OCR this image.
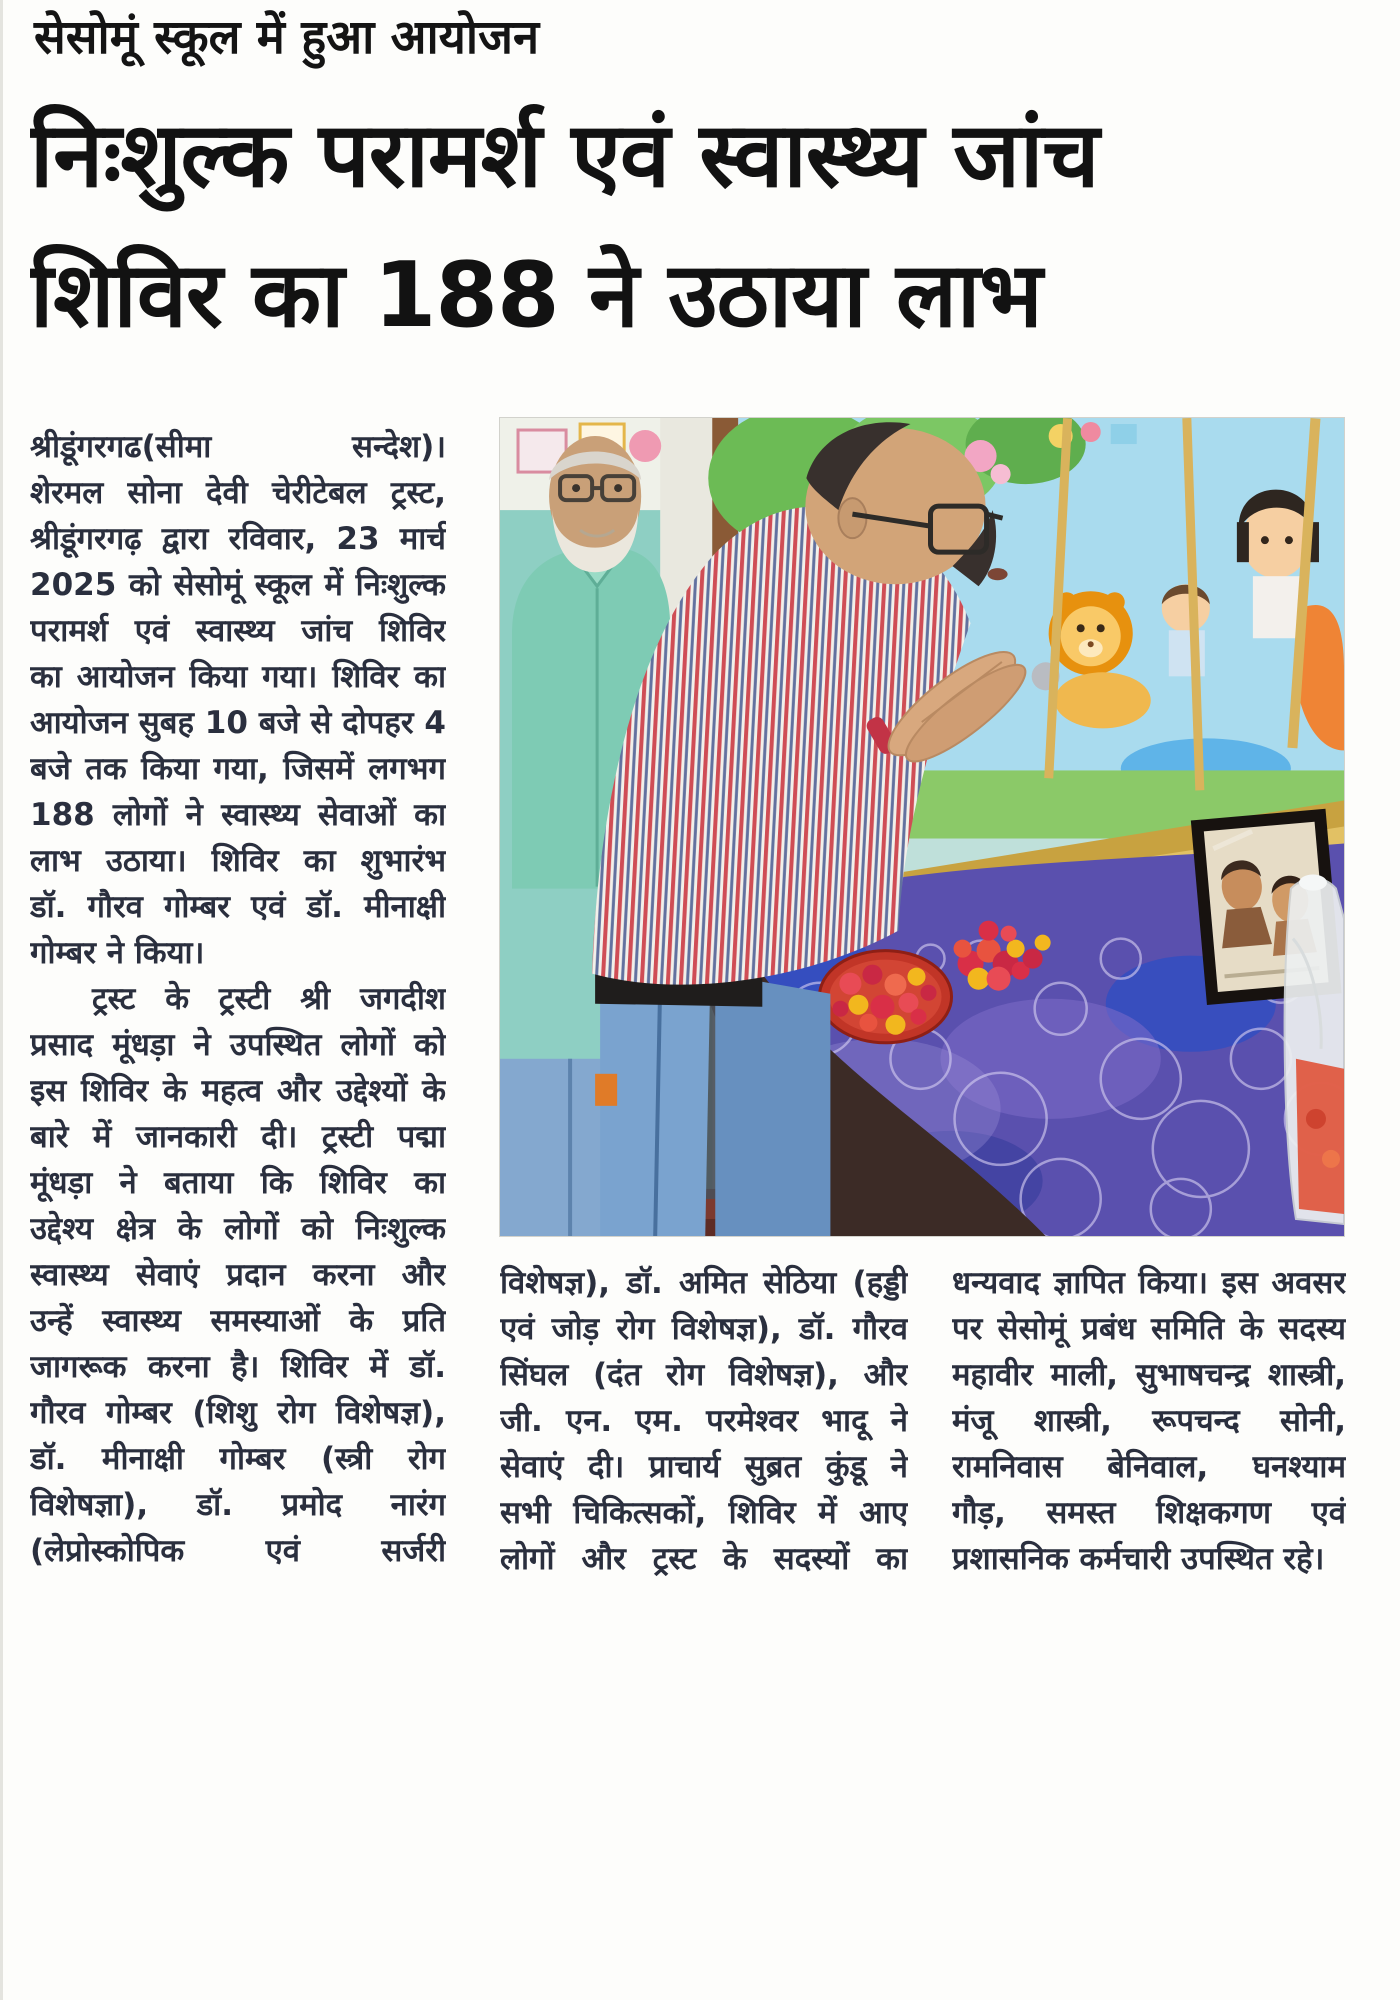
सेसोमूं स्कूल में हुआ आयोजन
निःशुल्क परामर्श एवं स्वास्थ्य जांच
शिविर का 188 ने उठाया लाभ
श्रीडूंगरगढ(सीमा सन्देश)।
शेरमल सोना देवी चेरीटेबल ट्रस्ट,
श्रीडूंगरगढ़ द्वारा रविवार, 23 मार्च
2025 को सेसोमूं स्कूल में निःशुल्क
परामर्श एवं स्वास्थ्य जांच शिविर
का आयोजन किया गया। शिविर का
आयोजन सुबह 10 बजे से दोपहर 4
बजे तक किया गया, जिसमें लगभग
188 लोगों ने स्वास्थ्य सेवाओं का
लाभ उठाया। शिविर का शुभारंभ
डॉ. गौरव गोम्बर एवं डॉ. मीनाक्षी
गोम्बर ने किया।
  ट्रस्ट के ट्रस्टी श्री जगदीश
प्रसाद मूंधड़ा ने उपस्थित लोगों को
इस शिविर के महत्व और उद्देश्यों के
बारे में जानकारी दी। ट्रस्टी पद्मा
मूंधड़ा ने बताया कि शिविर का
उद्देश्य क्षेत्र के लोगों को निःशुल्क
स्वास्थ्य सेवाएं प्रदान करना और
उन्हें स्वास्थ्य समस्याओं के प्रति
जागरूक करना है। शिविर में डॉ.
गौरव गोम्बर (शिशु रोग विशेषज्ञ),
डॉ. मीनाक्षी गोम्बर (स्त्री रोग
विशेषज्ञा), डॉ. प्रमोद नारंग
(लेप्रोस्कोपिक एवं सर्जरी
विशेषज्ञ), डॉ. अमित सेठिया (हड्डी
एवं जोड़ रोग विशेषज्ञ), डॉ. गौरव
सिंघल (दंत रोग विशेषज्ञ), और
जी. एन. एम. परमेश्वर भादू ने
सेवाएं दी। प्राचार्य सुब्रत कुंडू ने
सभी चिकित्सकों, शिविर में आए
लोगों और ट्रस्ट के सदस्यों का
धन्यवाद ज्ञापित किया। इस अवसर
पर सेसोमूं प्रबंध समिति के सदस्य
महावीर माली, सुभाषचन्द्र शास्त्री,
मंजू शास्त्री, रूपचन्द सोनी,
रामनिवास बेनिवाल, घनश्याम
गौड़, समस्त शिक्षकगण एवं
प्रशासनिक कर्मचारी उपस्थित रहे।
